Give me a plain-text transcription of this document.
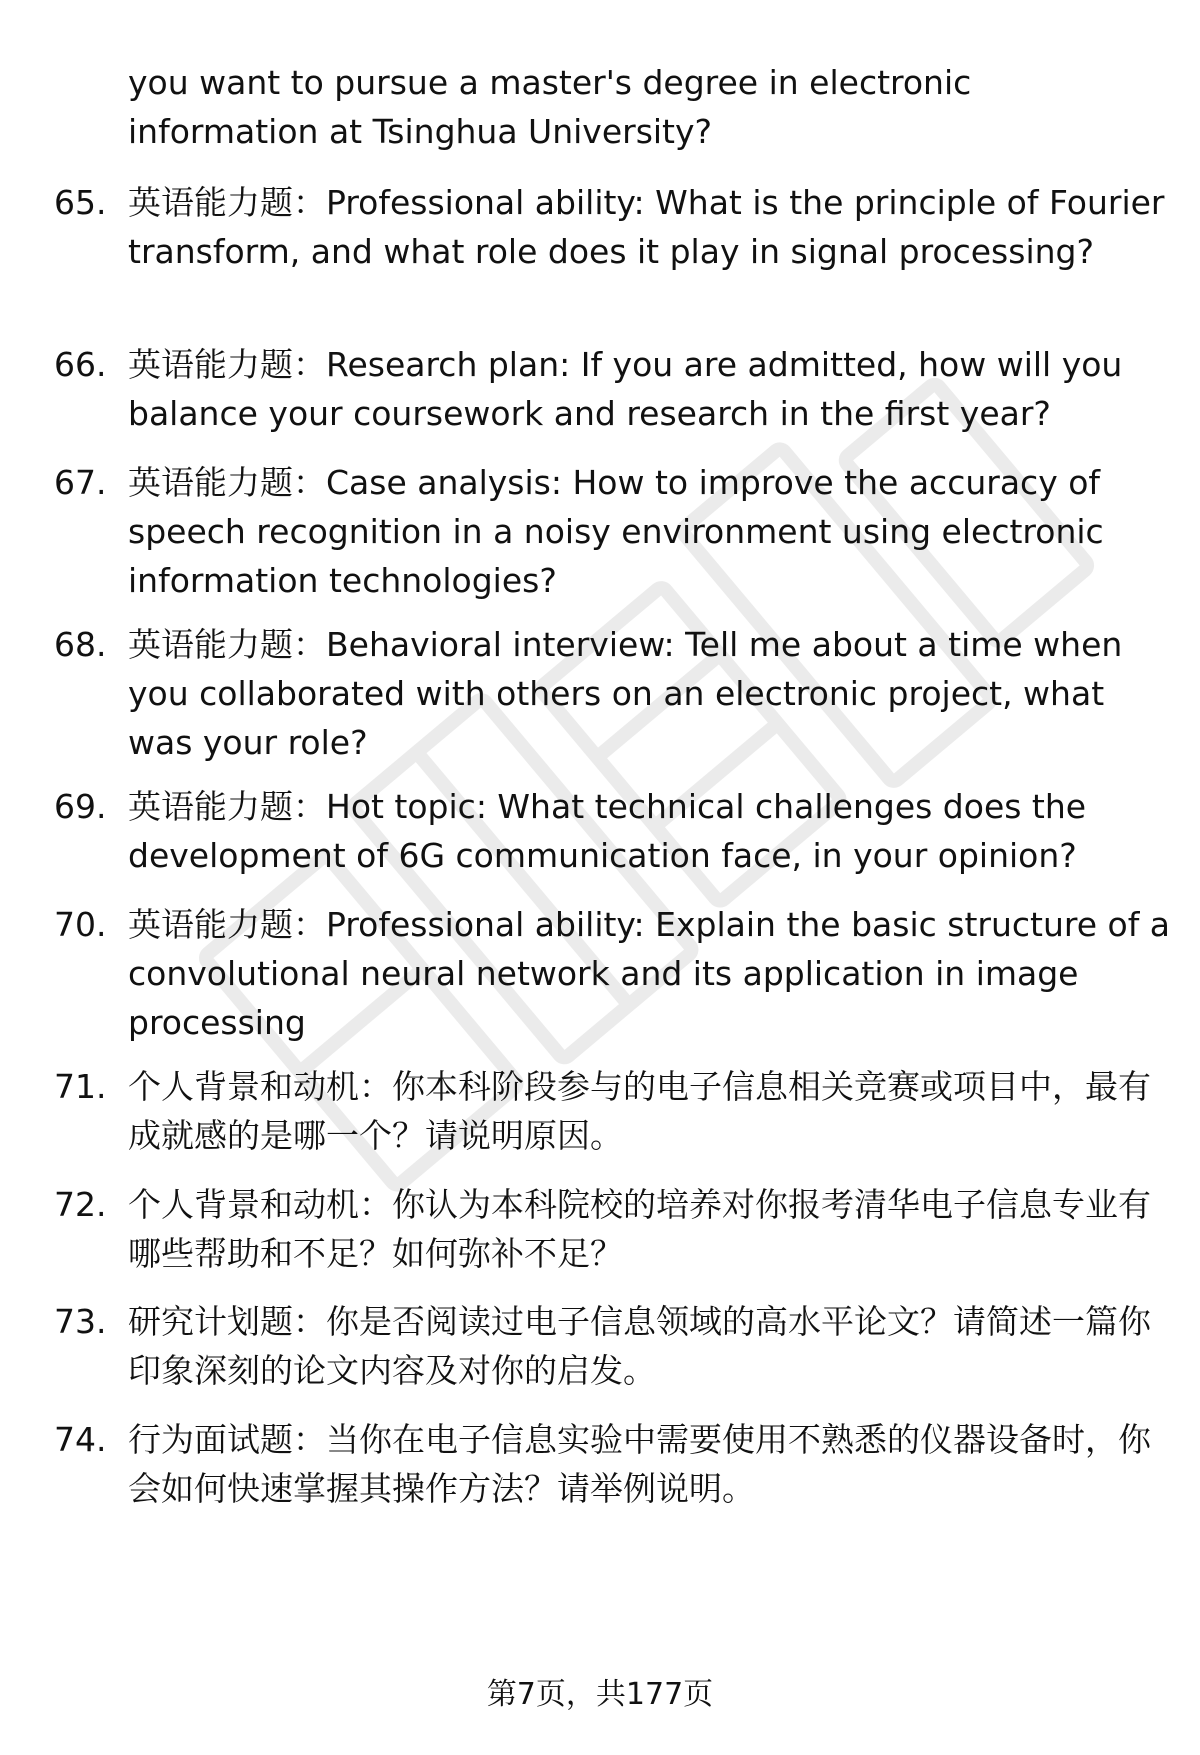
you want to pursue a master's degree in electronic information at Tsinghua University?

65. 英语能力题：Professional ability: What is the principle of Fourier transform, and what role does it play in signal processing?

66. 英语能力题：Research plan: If you are admitted, how will you balance your coursework and research in the first year?

67. 英语能力题：Case analysis: How to improve the accuracy of speech recognition in a noisy environment using electronic information technologies?

68. 英语能力题：Behavioral interview: Tell me about a time when you collaborated with others on an electronic project, what was your role?

69. 英语能力题：Hot topic: What technical challenges does the development of 6G communication face, in your opinion?

70. 英语能力题：Professional ability: Explain the basic structure of a convolutional neural network and its application in image processing

71. 个人背景和动机：你本科阶段参与的电子信息相关竞赛或项目中，最有成就感的是哪一个？请说明原因。

72. 个人背景和动机：你认为本科院校的培养对你报考清华电子信息专业有哪些帮助和不足？如何弥补不足？

73. 研究计划题：你是否阅读过电子信息领域的高水平论文？请简述一篇你印象深刻的论文内容及对你的启发。

74. 行为面试题：当你在电子信息实验中需要使用不熟悉的仪器设备时，你会如何快速掌握其操作方法？请举例说明。

第7页，共177页
